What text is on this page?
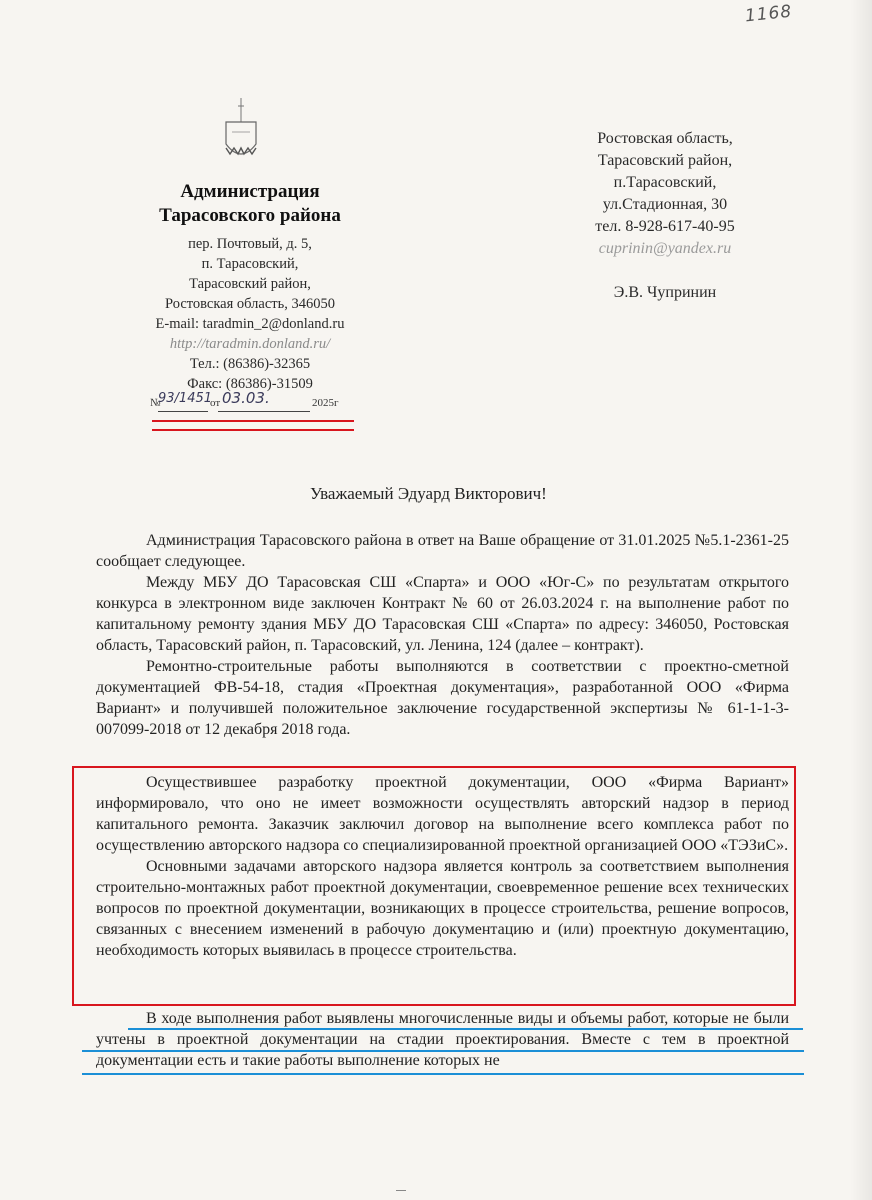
1168
Администрация
Тарасовского района
пер. Почтовый, д. 5,
п. Тарасовский,
Тарасовский район,
Ростовская область, 346050
E-mail: taradmin_2@donland.ru
http://taradmin.donland.ru/
Тел.: (86386)-32365
Факс: (86386)-31509
№
93/1451
от 03.03.	2025г
Ростовская область,
Тарасовский район,
п.Тарасовский,
ул.Стадионная, 30
тел. 8-928-617-40-95
cuprinin@yandex.ru
Э.В. Чупринин
Уважаемый Эдуард Викторович!

Администрация Тарасовского района в ответ на Ваше обращение от 31.01.2025 №5.1-2361-25 сообщает следующее.

Между МБУ ДО Тарасовская СШ «Спарта» и ООО «Юг-С» по результатам открытого конкурса в электронном виде заключен Контракт № 60 от 26.03.2024 г. на выполнение работ по капитальному ремонту здания МБУ ДО Тарасовская СШ «Спарта» по адресу: 346050, Ростовская область, Тарасовский район, п. Тарасовский, ул. Ленина, 124 (далее – контракт).

Ремонтно-строительные работы выполняются в соответствии с проектно-сметной документацией ФВ-54-18, стадия «Проектная документация», разработанной ООО «Фирма Вариант» и получившей положительное заключение государственной экспертизы № 61-1-1-3-007099-2018 от 12 декабря 2018 года.

Осуществившее разработку проектной документации, ООО «Фирма Вариант» информировало, что оно не имеет возможности осуществлять авторский надзор в период капитального ремонта. Заказчик заключил договор на выполнение всего комплекса работ по осуществлению авторского надзора со специализированной проектной организацией ООО «ТЭЗиС».

Основными задачами авторского надзора является контроль за соответствием выполнения строительно-монтажных работ проектной документации, своевременное решение всех технических вопросов по проектной документации, возникающих в процессе строительства, решение вопросов, связанных с внесением изменений в рабочую документацию и (или) проектную документацию, необходимость которых выявилась в процессе строительства.

В ходе выполнения работ выявлены многочисленные виды и объемы работ, которые не были учтены в проектной документации на стадии проектирования. Вместе с тем в проектной документации есть и такие работы выполнение которых не
